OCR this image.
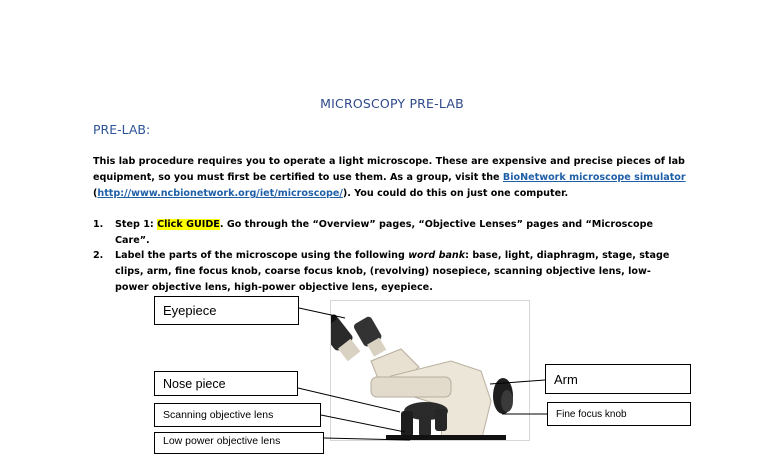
MICROSCOPY PRE-LAB
PRE-LAB:
This lab procedure requires you to operate a light microscope. These are expensive and precise pieces of lab equipment, so you must first be certified to use them. As a group, visit the BioNetwork microscope simulator (http://www.ncbionetwork.org/iet/microscope/). You could do this on just one computer.
1. Step 1: Click GUIDE. Go through the “Overview” pages, “Objective Lenses” pages and “Microscope Care”.
2. Label the parts of the microscope using the following word bank: base, light, diaphragm, stage, stage clips, arm, fine focus knob, coarse focus knob, (revolving) nosepiece, scanning objective lens, low-power objective lens, high-power objective lens, eyepiece.
Eyepiece
Nose piece
Scanning objective lens
Low power objective lens
Arm
Fine focus knob
